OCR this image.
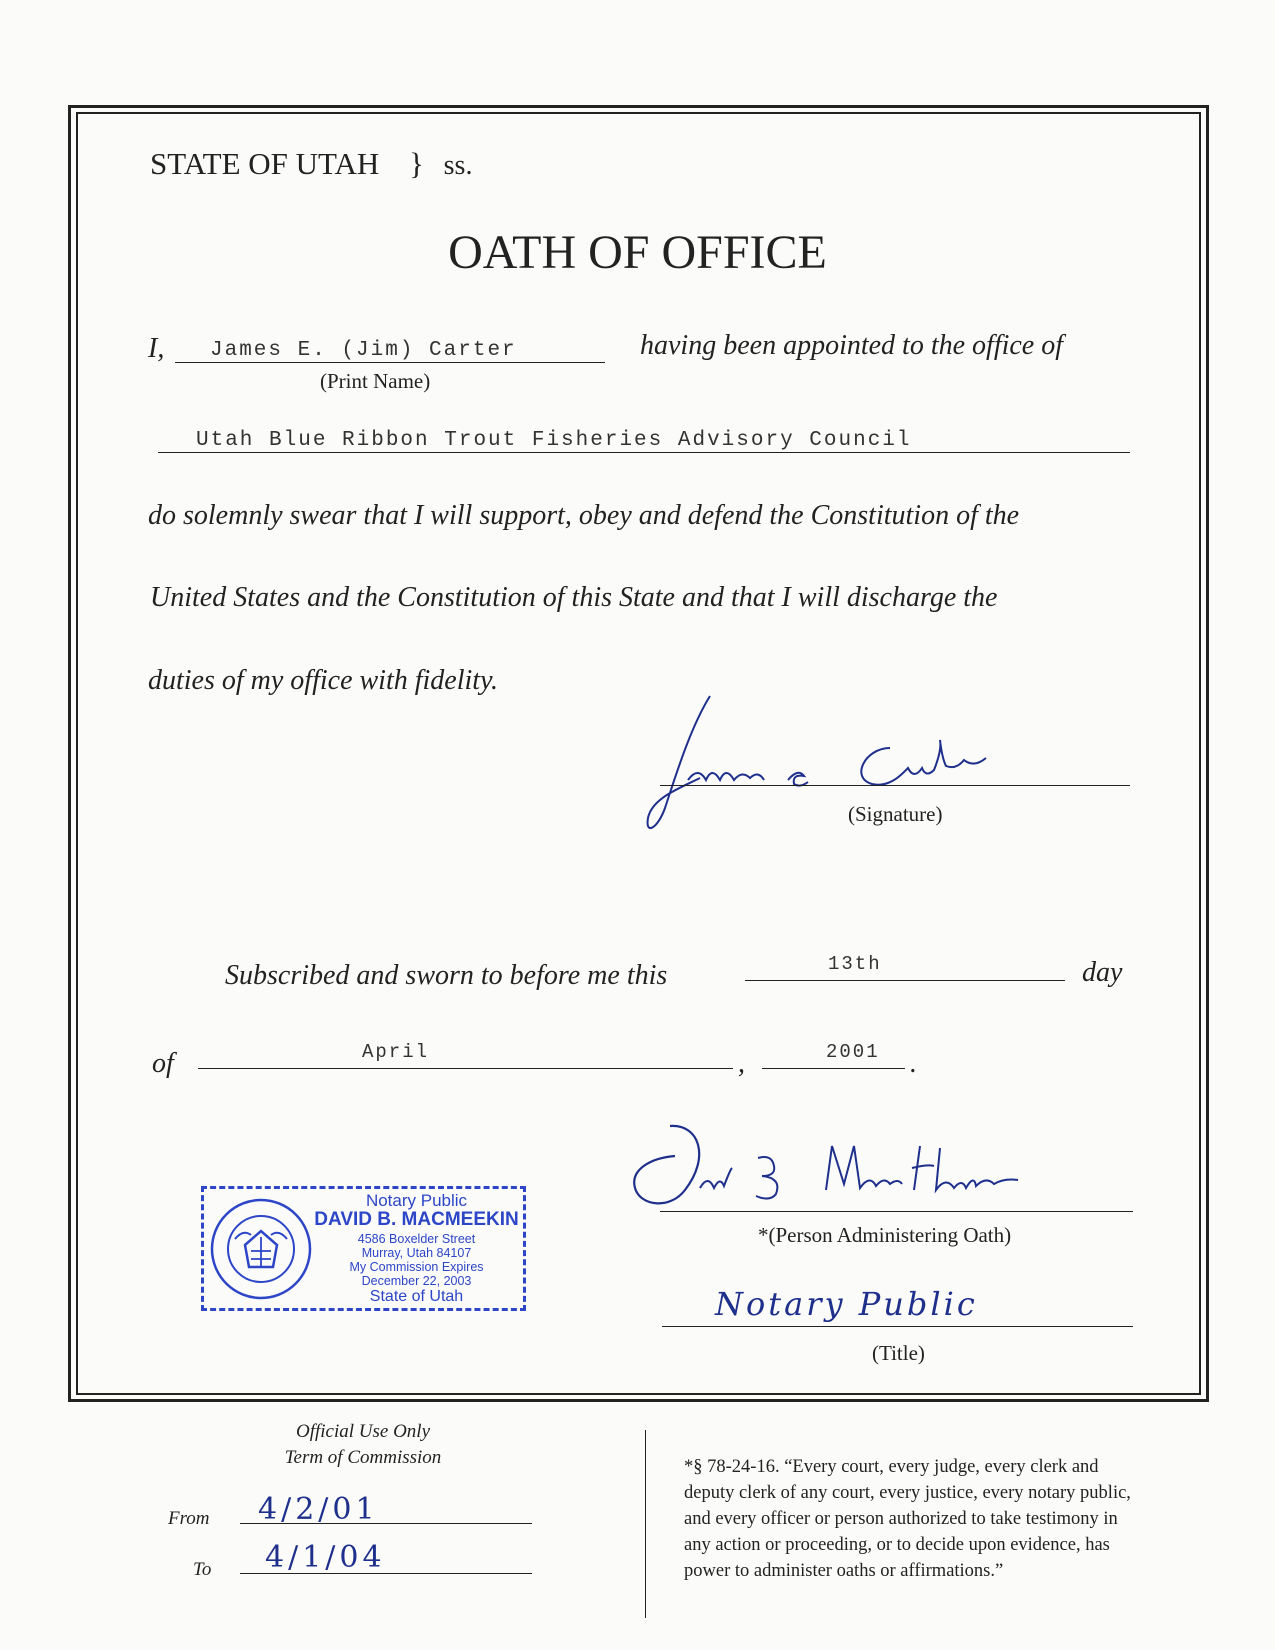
STATE OF UTAH } ss.
OATH OF OFFICE
I, James E. (Jim) Carter
(Print Name)
having been appointed to the office of
Utah Blue Ribbon Trout Fisheries Advisory Council
do solemnly swear that I will support, obey and defend the Constitution of the
United States and the Constitution of this State and that I will discharge the
duties of my office with fidelity.
(Signature)
Subscribed and sworn to before me this	13th	day
of	April	,	2001 .
Notary Public
DAVID B. MACMEEKIN
4586 Boxelder Street
Murray, Utah 84107
My Commission Expires
December 22, 2003
State of Utah
*(Person Administering Oath)
Notary Public
(Title)
Official Use Only
Term of Commission
From 4/2/01
To 4/1/04
*§ 78-24-16. “Every court, every judge, every clerk and
deputy clerk of any court, every justice, every notary public,
and every officer or person authorized to take testimony in
any action or proceeding, or to decide upon evidence, has
power to administer oaths or affirmations.”
